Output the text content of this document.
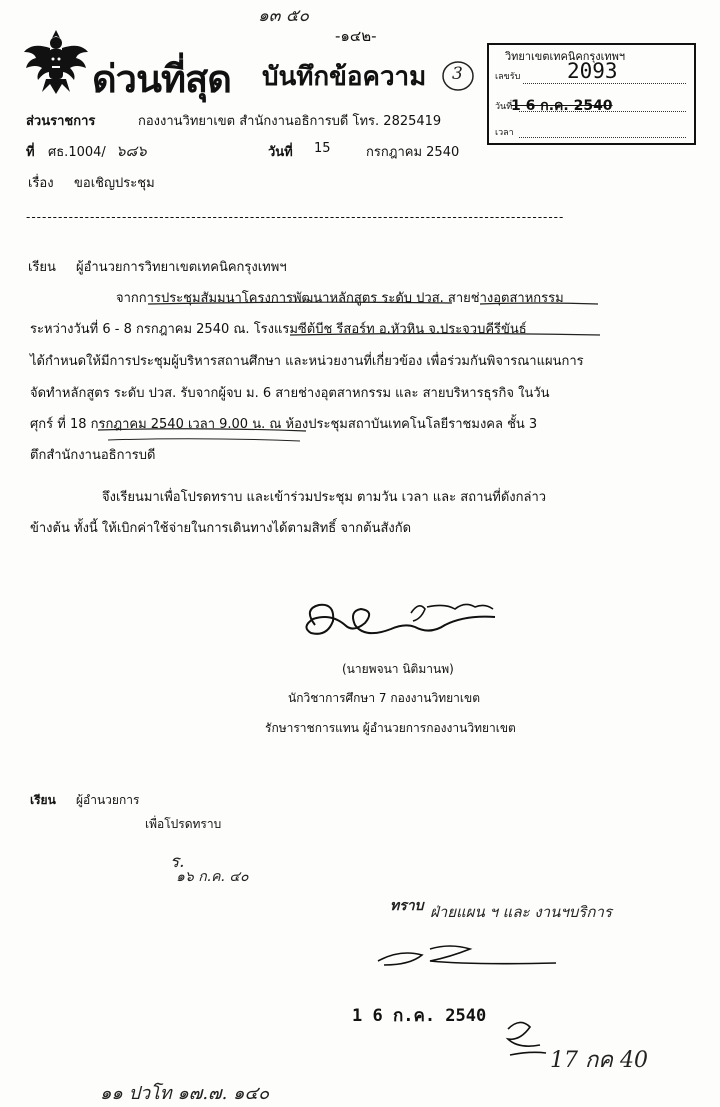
๑๓ ๕๐
-๑๔๒-
ด่วนที่สุด บันทึกข้อความ 3
วิทยาเขตเทคนิคกรุงเทพฯ
เลขรับ 2093
วันที่
1 6 ก.ค. 2540
เวลา
ส่วนราชการ	กองงานวิทยาเขต สำนักงานอธิการบดี โทร. 2825419
ที่ ศธ.1004/ ๖๘๖	วันที่ 15	กรกฎาคม 2540
เรื่อง ขอเชิญประชุม
-----------------------------------------------------------------------------------------------------
เรียน ผู้อำนวยการวิทยาเขตเทคนิคกรุงเทพฯ
จากการประชุมสัมมนาโครงการพัฒนาหลักสูตร ระดับ ปวส. สายช่างอุตสาหกรรม
ระหว่างวันที่ 6 - 8 กรกฎาคม 2540 ณ. โรงแรมซีต้บีช รีสอร์ท อ.หัวหิน จ.ประจวบคีรีขันธ์
ได้กำหนดให้มีการประชุมผู้บริหารสถานศึกษา และหน่วยงานที่เกี่ยวข้อง เพื่อร่วมกันพิจารณาแผนการ
จัดทำหลักสูตร ระดับ ปวส. รับจากผู้จบ ม. 6 สายช่างอุตสาหกรรม และ สายบริหารธุรกิจ ในวัน
ศุกร์ ที่ 18 กรกฎาคม 2540 เวลา 9.00 น. ณ ห้องประชุมสถาบันเทคโนโลยีราชมงคล ชั้น 3
ตึกสำนักงานอธิการบดี
จึงเรียนมาเพื่อโปรดทราบ และเข้าร่วมประชุม ตามวัน เวลา และ สถานที่ดังกล่าว
ข้างต้น ทั้งนี้ ให้เบิกค่าใช้จ่ายในการเดินทางได้ตามสิทธิ์ จากต้นสังกัด
(นายพจนา นิติมานพ)
นักวิชาการศึกษา 7 กองงานวิทยาเขต
รักษาราชการแทน ผู้อำนวยการกองงานวิทยาเขต
เรียน ผู้อำนวยการ
เพื่อโปรดทราบ
ร.
๑๖ ก.ค. ๔๐
ทราบ ฝ่ายแผน ฯ และ งานฯบริการ
1 6 ก.ค. 2540
17 กค 40
๑๑ ปวโท ๑๗.๗. ๑๔๐
